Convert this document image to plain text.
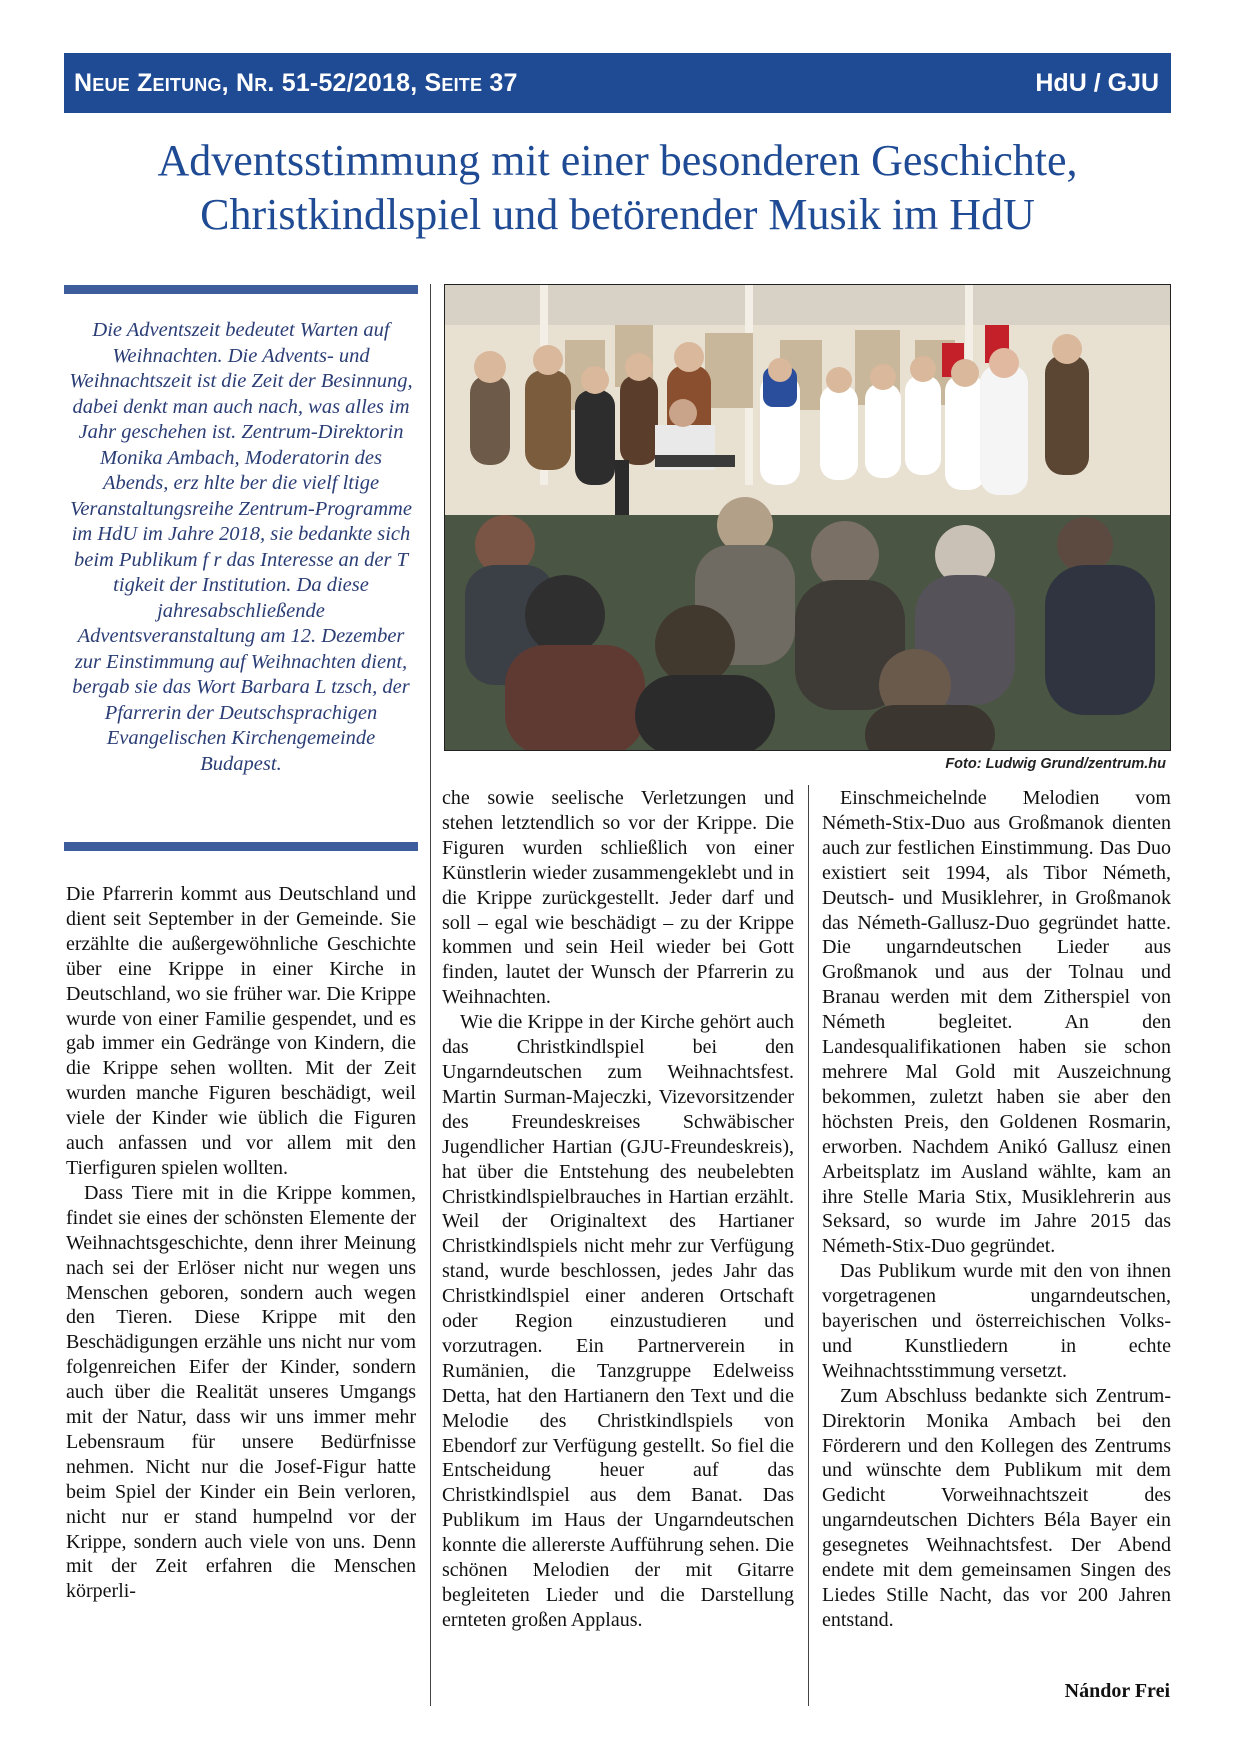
Neue Zeitung, Nr. 51-52/2018, Seite 37	HdU / GJU
Adventsstimmung mit einer besonderen Geschichte,
Christkindlspiel und betörender Musik im HdU

Die Adventszeit bedeutet Warten auf Weihnachten. Die Advents- und Weihnachtszeit ist die Zeit der Besinnung, dabei denkt man auch nach, was alles im Jahr geschehen ist. Zentrum-Direktorin Monika Ambach, Moderatorin des Abends, erz hlte ber die vielf ltige Veranstaltungsreihe Zentrum-Programme im HdU im Jahre 2018, sie bedankte sich beim Publikum f r das Interesse an der T tigkeit der Institution. Da diese jahresabschließende Adventsveranstaltung am 12. Dezember zur Einstimmung auf Weihnachten dient, bergab sie das Wort Barbara L tzsch, der Pfarrerin der Deutschsprachigen Evangelischen Kirchengemeinde Budapest.	Foto: Ludwig Grund/zentrum.hu

Die Pfarrerin kommt aus Deutschland und dient seit September in der Gemeinde. Sie erzählte die außergewöhnliche Geschichte über eine Krippe in einer Kirche in Deutschland, wo sie früher war. Die Krippe wurde von einer Familie gespendet, und es gab immer ein Gedränge von Kindern, die die Krippe sehen wollten. Mit der Zeit wurden manche Figuren beschädigt, weil viele der Kinder wie üblich die Figuren auch anfassen und vor allem mit den Tierfiguren spielen wollten.

Dass Tiere mit in die Krippe kommen, findet sie eines der schönsten Elemente der Weihnachtsgeschichte, denn ihrer Meinung nach sei der Erlöser nicht nur wegen uns Menschen geboren, sondern auch wegen den Tieren. Diese Krippe mit den Beschädigungen erzähle uns nicht nur vom folgenreichen Eifer der Kinder, sondern auch über die Realität unseres Umgangs mit der Natur, dass wir uns immer mehr Lebensraum für unsere Bedürfnisse nehmen. Nicht nur die Josef-Figur hatte beim Spiel der Kinder ein Bein verloren, nicht nur er stand humpelnd vor der Krippe, sondern auch viele von uns. Denn mit der Zeit erfahren die Menschen körperli-

che sowie seelische Verletzungen und stehen letztendlich so vor der Krippe. Die Figuren wurden schließlich von einer Künstlerin wieder zusammengeklebt und in die Krippe zurückgestellt. Jeder darf und soll – egal wie beschädigt – zu der Krippe kommen und sein Heil wieder bei Gott finden, lautet der Wunsch der Pfarrerin zu Weihnachten.

Wie die Krippe in der Kirche gehört auch das Christkindlspiel bei den Ungarndeutschen zum Weihnachtsfest. Martin Surman-Majeczki, Vizevorsitzender des Freundeskreises Schwäbischer Jugendlicher Hartian (GJU-Freundeskreis), hat über die Entstehung des neubelebten Christkindlspielbrauches in Hartian erzählt. Weil der Originaltext des Hartianer Christkindlspiels nicht mehr zur Verfügung stand, wurde beschlossen, jedes Jahr das Christkindlspiel einer anderen Ortschaft oder Region einzustudieren und vorzutragen. Ein Partnerverein in Rumänien, die Tanzgruppe Edelweiss Detta, hat den Hartianern den Text und die Melodie des Christkindlspiels von Ebendorf zur Verfügung gestellt. So fiel die Entscheidung heuer auf das Christkindlspiel aus dem Banat. Das Publikum im Haus der Ungarndeutschen konnte die allererste Aufführung sehen. Die schönen Melodien der mit Gitarre begleiteten Lieder und die Darstellung ernteten großen Applaus.

Einschmeichelnde Melodien vom Németh-Stix-Duo aus Großmanok dienten auch zur festlichen Einstimmung. Das Duo existiert seit 1994, als Tibor Németh, Deutsch- und Musiklehrer, in Großmanok das Németh-Gallusz-Duo gegründet hatte. Die ungarndeutschen Lieder aus Großmanok und aus der Tolnau und Branau werden mit dem Zitherspiel von Németh begleitet. An den Landesqualifikationen haben sie schon mehrere Mal Gold mit Auszeichnung bekommen, zuletzt haben sie aber den höchsten Preis, den Goldenen Rosmarin, erworben. Nachdem Anikó Gallusz einen Arbeitsplatz im Ausland wählte, kam an ihre Stelle Maria Stix, Musiklehrerin aus Seksard, so wurde im Jahre 2015 das Németh-Stix-Duo gegründet.

Das Publikum wurde mit den von ihnen vorgetragenen ungarndeutschen, bayerischen und österreichischen Volks- und Kunstliedern in echte Weihnachtsstimmung versetzt.

Zum Abschluss bedankte sich Zentrum-Direktorin Monika Ambach bei den Förderern und den Kollegen des Zentrums und wünschte dem Publikum mit dem Gedicht Vorweihnachtszeit des ungarndeutschen Dichters Béla Bayer ein gesegnetes Weihnachtsfest. Der Abend endete mit dem gemeinsamen Singen des Liedes Stille Nacht, das vor 200 Jahren entstand.

Nándor Frei
